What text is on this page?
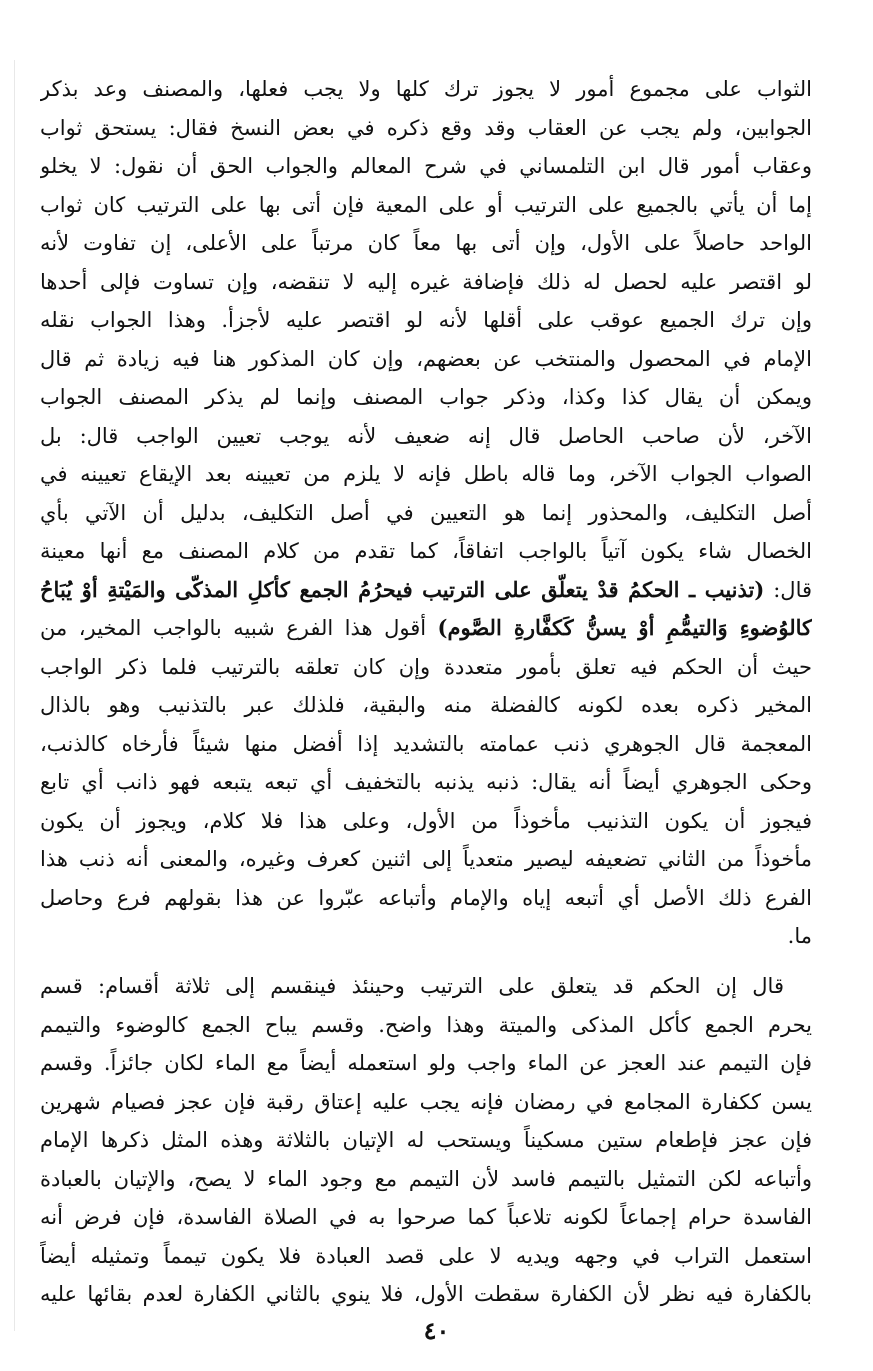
الثواب على مجموع أمور لا يجوز ترك كلها ولا يجب فعلها، والمصنف وعد بذكر
الجوابين، ولم يجب عن العقاب وقد وقع ذكره في بعض النسخ فقال: يستحق ثواب
وعقاب أمور قال ابن التلمساني في شرح المعالم والجواب الحق أن نقول: لا يخلو
إما أن يأتي بالجميع على الترتيب أو على المعية فإن أتى بها على الترتيب كان ثواب
الواحد حاصلاً على الأول، وإن أتى بها معاً كان مرتباً على الأعلى، إن تفاوت لأنه
لو اقتصر عليه لحصل له ذلك فإضافة غيره إليه لا تنقضه، وإن تساوت فإلى أحدها
وإن ترك الجميع عوقب على أقلها لأنه لو اقتصر عليه لأجزأ. وهذا الجواب نقله
الإمام في المحصول والمنتخب عن بعضهم، وإن كان المذكور هنا فيه زيادة ثم قال
ويمكن أن يقال كذا وكذا، وذكر جواب المصنف وإنما لم يذكر المصنف الجواب
الآخر، لأن صاحب الحاصل قال إنه ضعيف لأنه يوجب تعيين الواجب قال: بل
الصواب الجواب الآخر، وما قاله باطل فإنه لا يلزم من تعيينه بعد الإيقاع تعيينه في
أصل التكليف، والمحذور إنما هو التعيين في أصل التكليف، بدليل أن الآتي بأي
الخصال شاء يكون آتياً بالواجب اتفاقاً، كما تقدم من كلام المصنف مع أنها معينة
قال: (تذنيب ـ الحكمُ قدْ يتعلّق على الترتيب فيحرُمُ الجمع كأكلِ المذكّى والمَيْتةِ أوْ يُبَاحُ
كالوُضوءِ وَالتيمُّمِ أوْ يسنُّ كَكفَّارةِ الصَّوم) أقول هذا الفرع شبيه بالواجب المخير، من
حيث أن الحكم فيه تعلق بأمور متعددة وإن كان تعلقه بالترتيب فلما ذكر الواجب
المخير ذكره بعده لكونه كالفضلة منه والبقية، فلذلك عبر بالتذنيب وهو بالذال
المعجمة قال الجوهري ذنب عمامته بالتشديد إذا أفضل منها شيئاً فأرخاه كالذنب،
وحكى الجوهري أيضاً أنه يقال: ذنبه يذنبه بالتخفيف أي تبعه يتبعه فهو ذانب أي تابع
فيجوز أن يكون التذنيب مأخوذاً من الأول، وعلى هذا فلا كلام، ويجوز أن يكون
مأخوذاً من الثاني تضعيفه ليصير متعدياً إلى اثنين كعرف وغيره، والمعنى أنه ذنب هذا
الفرع ذلك الأصل أي أتبعه إياه والإمام وأتباعه عبّروا عن هذا بقولهم فرع وحاصل
ما.
قال إن الحكم قد يتعلق على الترتيب وحينئذ فينقسم إلى ثلاثة أقسام: قسم
يحرم الجمع كأكل المذكى والميتة وهذا واضح. وقسم يباح الجمع كالوضوء والتيمم
فإن التيمم عند العجز عن الماء واجب ولو استعمله أيضاً مع الماء لكان جائزاً. وقسم
يسن ككفارة المجامع في رمضان فإنه يجب عليه إعتاق رقبة فإن عجز فصيام شهرين
فإن عجز فإطعام ستين مسكيناً ويستحب له الإتيان بالثلاثة وهذه المثل ذكرها الإمام
وأتباعه لكن التمثيل بالتيمم فاسد لأن التيمم مع وجود الماء لا يصح، والإتيان بالعبادة
الفاسدة حرام إجماعاً لكونه تلاعباً كما صرحوا به في الصلاة الفاسدة، فإن فرض أنه
استعمل التراب في وجهه ويديه لا على قصد العبادة فلا يكون تيمماً وتمثيله أيضاً
بالكفارة فيه نظر لأن الكفارة سقطت الأول، فلا ينوي بالثاني الكفارة لعدم بقائها عليه
٤٠
